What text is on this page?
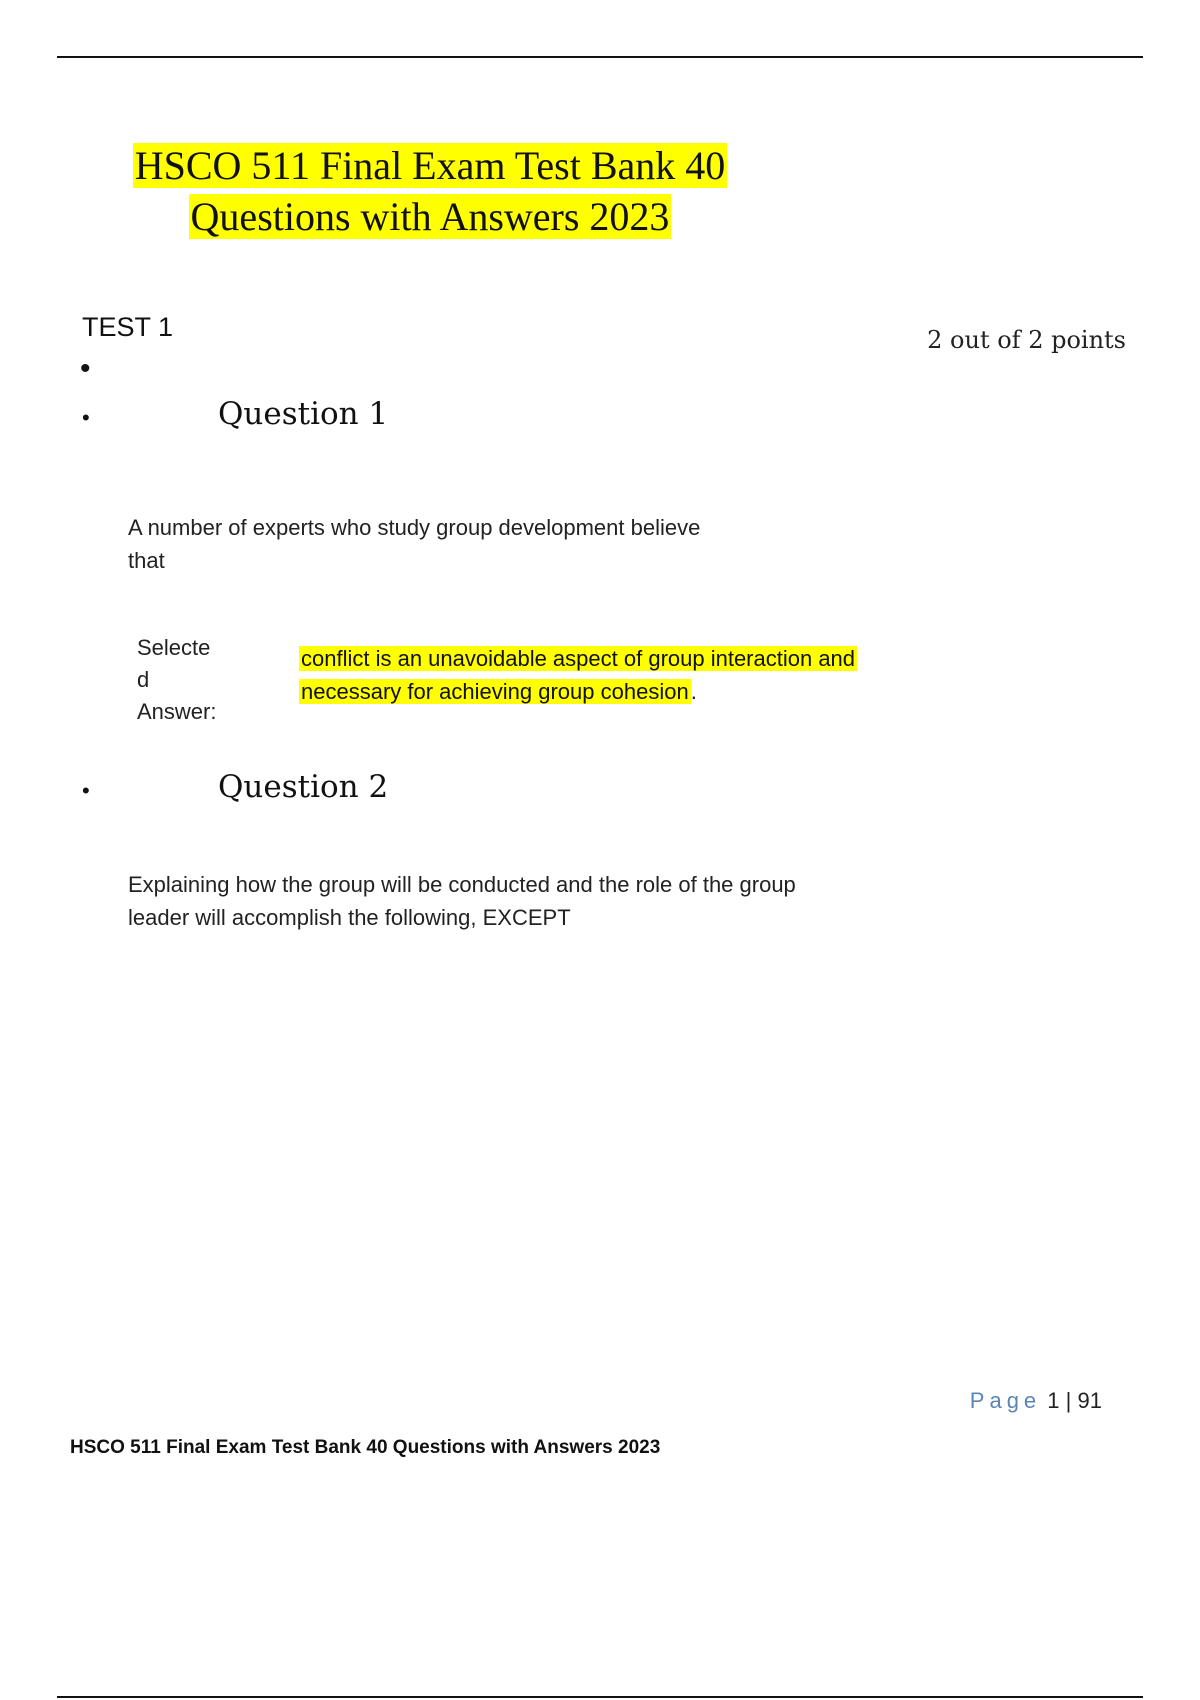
HSCO 511 Final Exam Test Bank 40
Questions with Answers 2023
TEST 1	2 out of 2 points
•
•	Question 1
A number of experts who study group development believe
that
Selecte
d
Answer:
conflict is an unavoidable aspect of group interaction and
necessary for achieving group cohesion.
•	Question 2
Explaining how the group will be conducted and the role of the group
leader will accomplish the following, EXCEPT
Page 1 | 91
HSCO 511 Final Exam Test Bank 40 Questions with Answers 2023
